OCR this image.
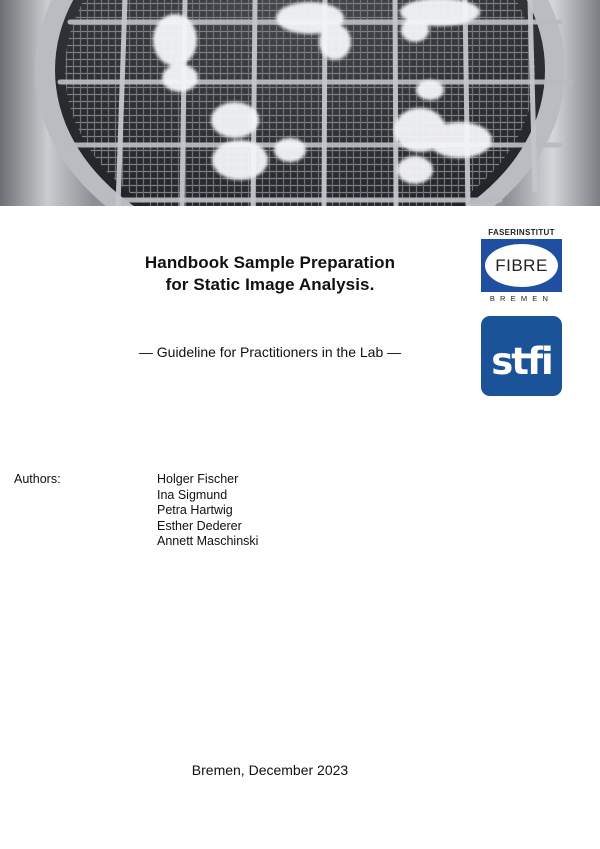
Handbook Sample Preparation
for Static Image Analysis.
— Guideline for Practitioners in the Lab —
FASERINSTITUT
FIBRE
BREMEN
stfi
Authors:	Holger Fischer
Ina Sigmund
Petra Hartwig
Esther Dederer
Annett Maschinski
Bremen, December 2023
